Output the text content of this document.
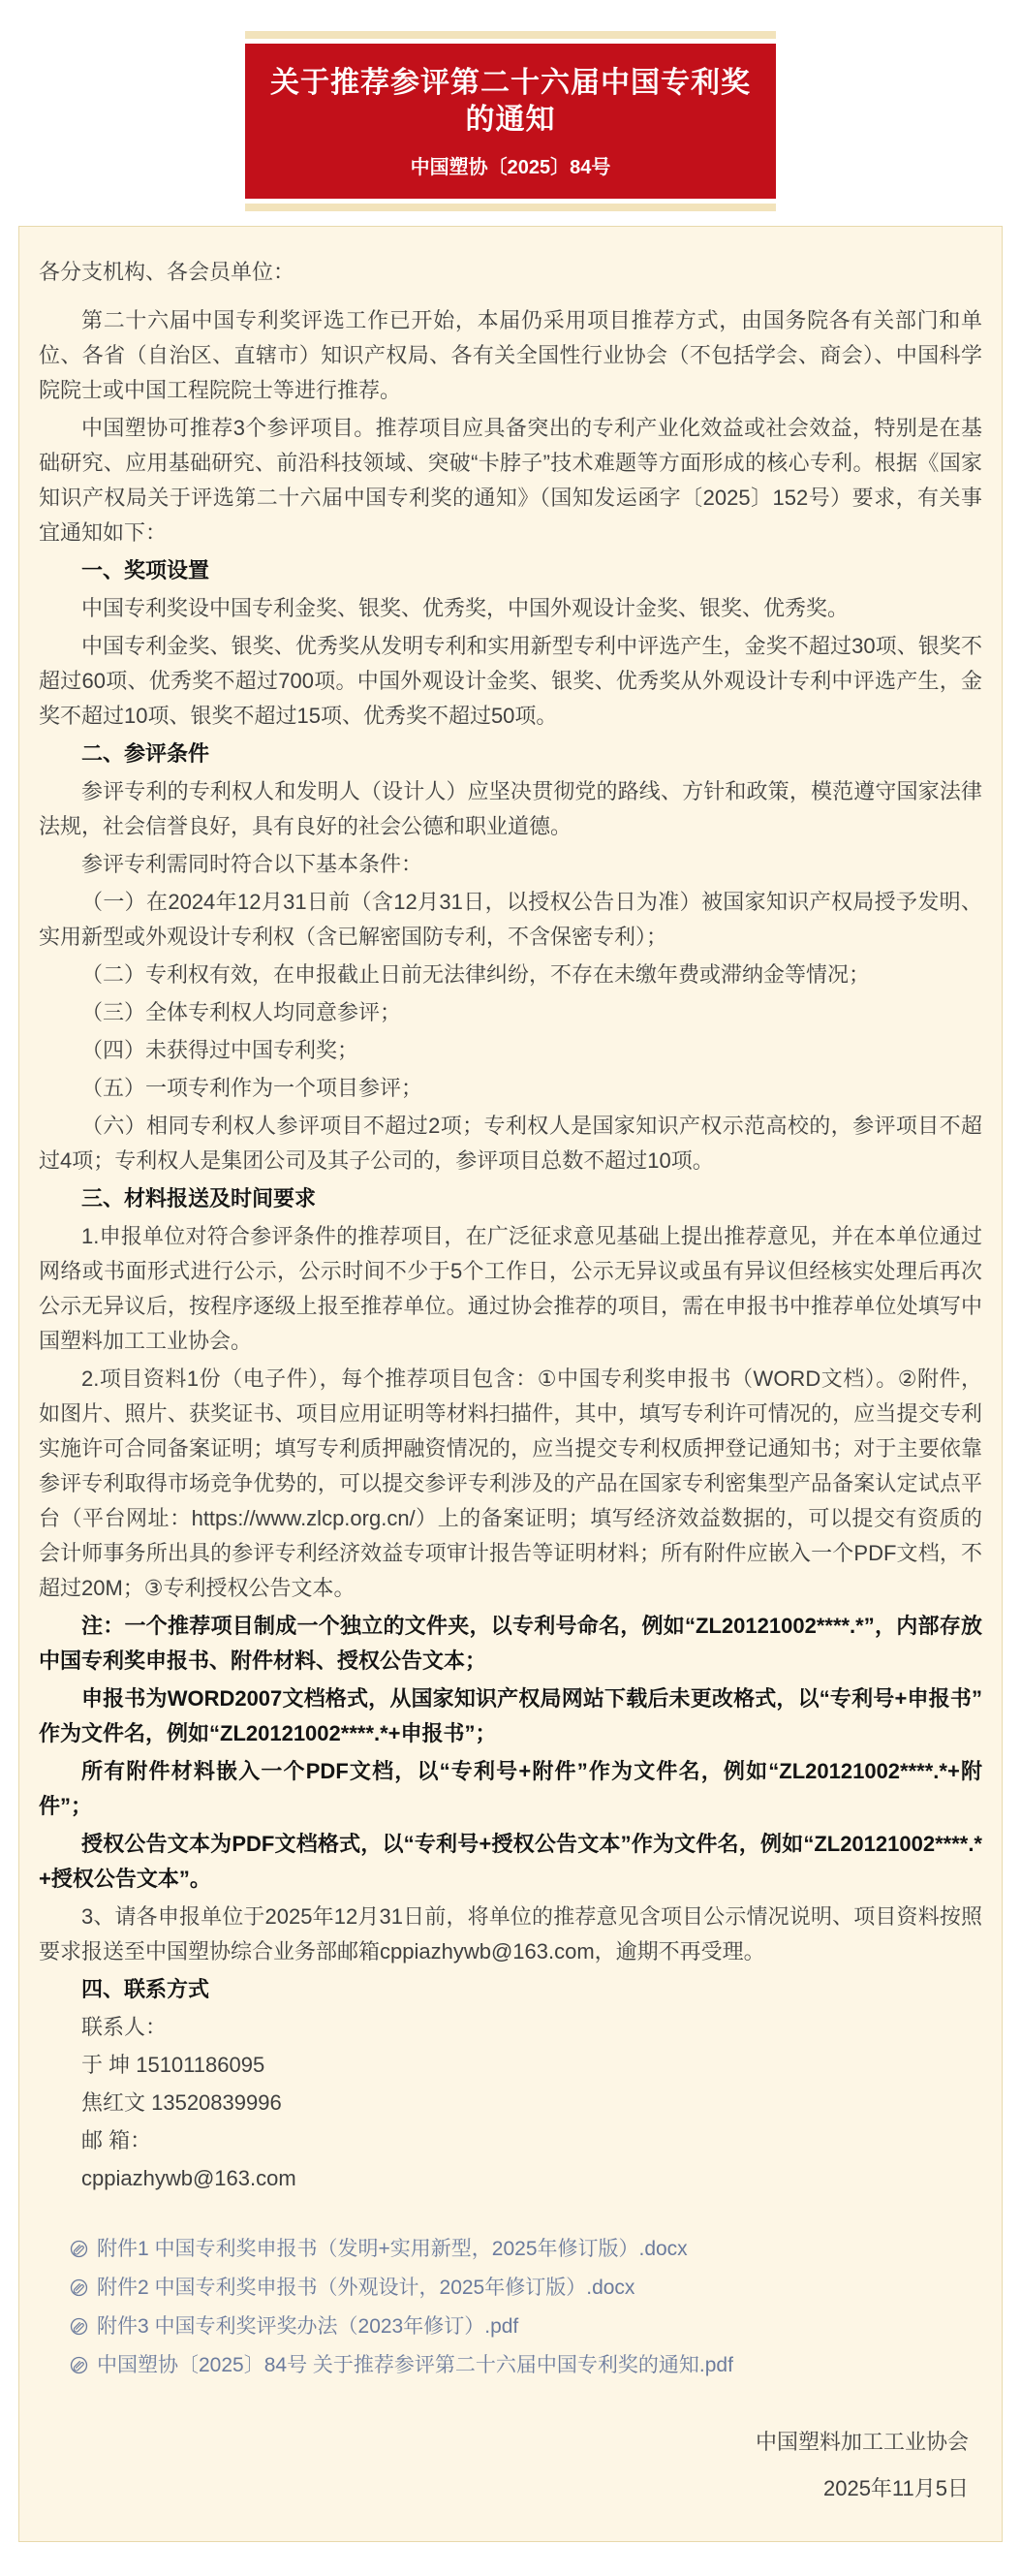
关于推荐参评第二十六届中国专利奖的通知
中国塑协〔2025〕84号

各分支机构、各会员单位：

第二十六届中国专利奖评选工作已开始，本届仍采用项目推荐方式，由国务院各有关部门和单位、各省（自治区、直辖市）知识产权局、各有关全国性行业协会（不包括学会、商会）、中国科学院院士或中国工程院院士等进行推荐。

中国塑协可推荐3个参评项目。推荐项目应具备突出的专利产业化效益或社会效益，特别是在基础研究、应用基础研究、前沿科技领域、突破“卡脖子”技术难题等方面形成的核心专利。根据《国家知识产权局关于评选第二十六届中国专利奖的通知》（国知发运函字〔2025〕152号）要求，有关事宜通知如下：

一、奖项设置

中国专利奖设中国专利金奖、银奖、优秀奖，中国外观设计金奖、银奖、优秀奖。

中国专利金奖、银奖、优秀奖从发明专利和实用新型专利中评选产生，金奖不超过30项、银奖不超过60项、优秀奖不超过700项。中国外观设计金奖、银奖、优秀奖从外观设计专利中评选产生，金奖不超过10项、银奖不超过15项、优秀奖不超过50项。

二、参评条件

参评专利的专利权人和发明人（设计人）应坚决贯彻党的路线、方针和政策，模范遵守国家法律法规，社会信誉良好，具有良好的社会公德和职业道德。

参评专利需同时符合以下基本条件：

（一）在2024年12月31日前（含12月31日，以授权公告日为准）被国家知识产权局授予发明、实用新型或外观设计专利权（含已解密国防专利，不含保密专利）；

（二）专利权有效，在申报截止日前无法律纠纷，不存在未缴年费或滞纳金等情况；

（三）全体专利权人均同意参评；

（四）未获得过中国专利奖；

（五）一项专利作为一个项目参评；

（六）相同专利权人参评项目不超过2项；专利权人是国家知识产权示范高校的，参评项目不超过4项；专利权人是集团公司及其子公司的，参评项目总数不超过10项。

三、材料报送及时间要求

1.申报单位对符合参评条件的推荐项目，在广泛征求意见基础上提出推荐意见，并在本单位通过网络或书面形式进行公示，公示时间不少于5个工作日，公示无异议或虽有异议但经核实处理后再次公示无异议后，按程序逐级上报至推荐单位。通过协会推荐的项目，需在申报书中推荐单位处填写中国塑料加工工业协会。

2.项目资料1份（电子件），每个推荐项目包含：①中国专利奖申报书（WORD文档）。②附件，如图片、照片、获奖证书、项目应用证明等材料扫描件，其中，填写专利许可情况的，应当提交专利实施许可合同备案证明；填写专利质押融资情况的，应当提交专利权质押登记通知书；对于主要依靠参评专利取得市场竞争优势的，可以提交参评专利涉及的产品在国家专利密集型产品备案认定试点平台（平台网址：https://www.zlcp.org.cn/）上的备案证明；填写经济效益数据的，可以提交有资质的会计师事务所出具的参评专利经济效益专项审计报告等证明材料；所有附件应嵌入一个PDF文档，不超过20M；③专利授权公告文本。

注：一个推荐项目制成一个独立的文件夹，以专利号命名，例如“ZL20121002****.*”，内部存放中国专利奖申报书、附件材料、授权公告文本；

申报书为WORD2007文档格式，从国家知识产权局网站下载后未更改格式，以“专利号+申报书”作为文件名，例如“ZL20121002****.*+申报书”；

所有附件材料嵌入一个PDF文档，以“专利号+附件”作为文件名，例如“ZL20121002****.*+附件”；

授权公告文本为PDF文档格式，以“专利号+授权公告文本”作为文件名，例如“ZL20121002****.*+授权公告文本”。

3、请各申报单位于2025年12月31日前，将单位的推荐意见含项目公示情况说明、项目资料按照要求报送至中国塑协综合业务部邮箱cppiazhywb@163.com，逾期不再受理。

四、联系方式

联系人：

于 坤 15101186095

焦红文 13520839996

邮 箱：

cppiazhywb@163.com

附件1 中国专利奖申报书（发明+实用新型，2025年修订版）.docx
附件2 中国专利奖申报书（外观设计，2025年修订版）.docx
附件3 中国专利奖评奖办法（2023年修订）.pdf
中国塑协〔2025〕84号 关于推荐参评第二十六届中国专利奖的通知.pdf
中国塑料加工工业协会
2025年11月5日
